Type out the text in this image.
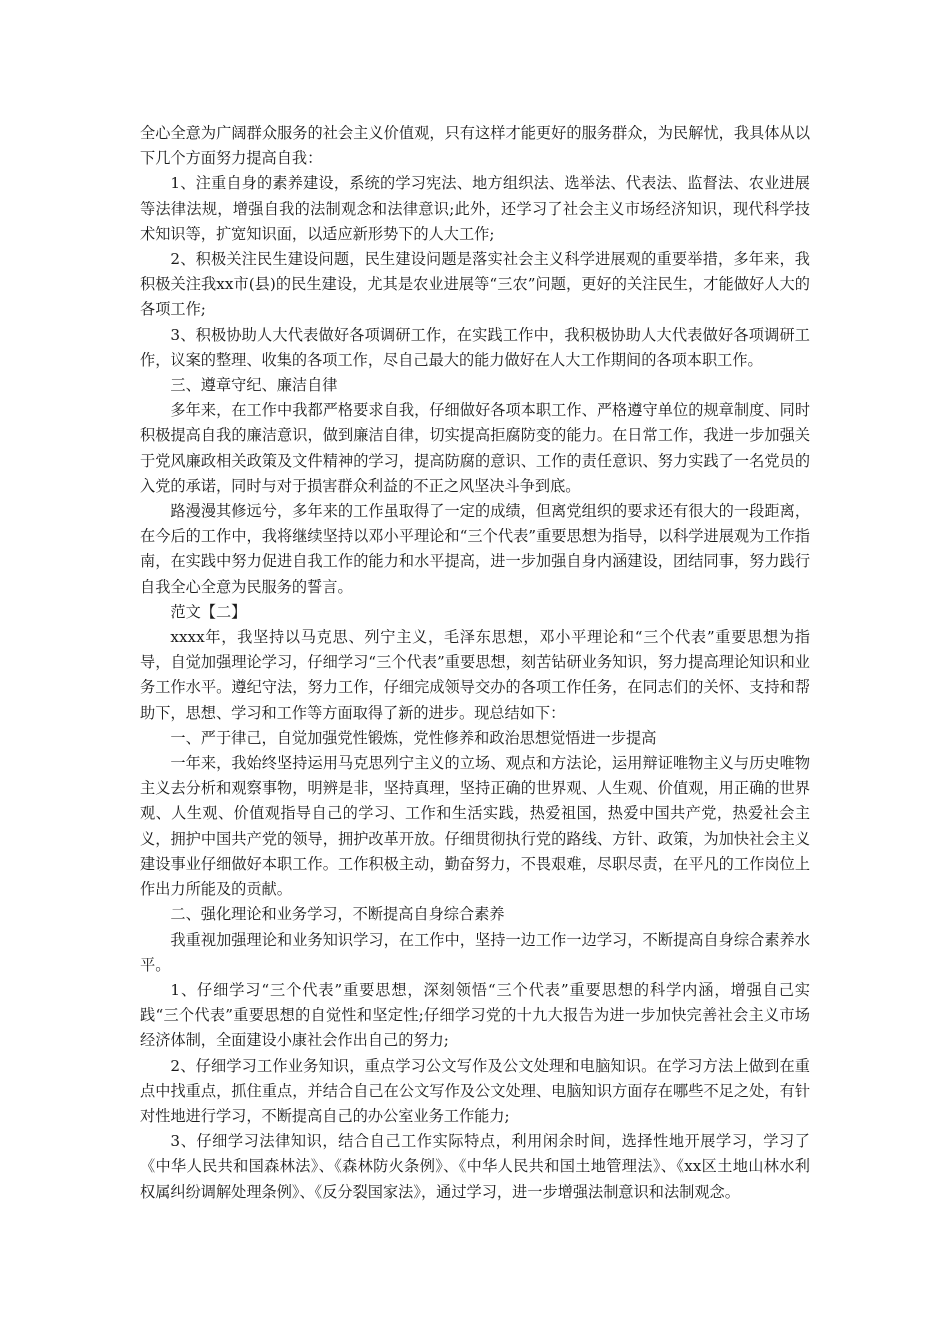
全心全意为广阔群众服务的社会主义价值观，只有这样才能更好的服务群众，为民解忧，我具体从以下几个方面努力提高自我：

1、注重自身的素养建设，系统的学习宪法、地方组织法、选举法、代表法、监督法、农业进展等法律法规，增强自我的法制观念和法律意识;此外，还学习了社会主义市场经济知识，现代科学技术知识等，扩宽知识面，以适应新形势下的人大工作;

2、积极关注民生建设问题，民生建设问题是落实社会主义科学进展观的重要举措，多年来，我积极关注我xx市(县)的民生建设，尤其是农业进展等“三农”问题，更好的关注民生，才能做好人大的各项工作;

3、积极协助人大代表做好各项调研工作，在实践工作中，我积极协助人大代表做好各项调研工作，议案的整理、收集的各项工作，尽自己最大的能力做好在人大工作期间的各项本职工作。

三、遵章守纪、廉洁自律

多年来，在工作中我都严格要求自我，仔细做好各项本职工作、严格遵守单位的规章制度、同时积极提高自我的廉洁意识，做到廉洁自律，切实提高拒腐防变的能力。在日常工作，我进一步加强关于党风廉政相关政策及文件精神的学习，提高防腐的意识、工作的责任意识、努力实践了一名党员的入党的承诺，同时与对于损害群众利益的不正之风坚决斗争到底。

路漫漫其修远兮，多年来的工作虽取得了一定的成绩，但离党组织的要求还有很大的一段距离，在今后的工作中，我将继续坚持以邓小平理论和“三个代表”重要思想为指导，以科学进展观为工作指南，在实践中努力促进自我工作的能力和水平提高，进一步加强自身内涵建设，团结同事，努力践行自我全心全意为民服务的誓言。

范文【二】

xxxx年，我坚持以马克思、列宁主义，毛泽东思想，邓小平理论和“三个代表”重要思想为指导，自觉加强理论学习，仔细学习“三个代表”重要思想，刻苦钻研业务知识，努力提高理论知识和业务工作水平。遵纪守法，努力工作，仔细完成领导交办的各项工作任务，在同志们的关怀、支持和帮助下，思想、学习和工作等方面取得了新的进步。现总结如下：

一、严于律己，自觉加强党性锻炼，党性修养和政治思想觉悟进一步提高

一年来，我始终坚持运用马克思列宁主义的立场、观点和方法论，运用辩证唯物主义与历史唯物主义去分析和观察事物，明辨是非，坚持真理，坚持正确的世界观、人生观、价值观，用正确的世界观、人生观、价值观指导自己的学习、工作和生活实践，热爱祖国，热爱中国共产党，热爱社会主义，拥护中国共产党的领导，拥护改革开放。仔细贯彻执行党的路线、方针、政策，为加快社会主义建设事业仔细做好本职工作。工作积极主动，勤奋努力，不畏艰难，尽职尽责，在平凡的工作岗位上作出力所能及的贡献。

二、强化理论和业务学习，不断提高自身综合素养

我重视加强理论和业务知识学习，在工作中，坚持一边工作一边学习，不断提高自身综合素养水平。

1、仔细学习“三个代表”重要思想，深刻领悟“三个代表”重要思想的科学内涵，增强自己实践“三个代表”重要思想的自觉性和坚定性;仔细学习党的十九大报告为进一步加快完善社会主义市场经济体制，全面建设小康社会作出自己的努力;

2、仔细学习工作业务知识，重点学习公文写作及公文处理和电脑知识。在学习方法上做到在重点中找重点，抓住重点，并结合自己在公文写作及公文处理、电脑知识方面存在哪些不足之处，有针对性地进行学习，不断提高自己的办公室业务工作能力;

3、仔细学习法律知识，结合自己工作实际特点，利用闲余时间，选择性地开展学习，学习了《中华人民共和国森林法》、《森林防火条例》、《中华人民共和国土地管理法》、《xx区土地山林水利权属纠纷调解处理条例》、《反分裂国家法》，通过学习，进一步增强法制意识和法制观念。
